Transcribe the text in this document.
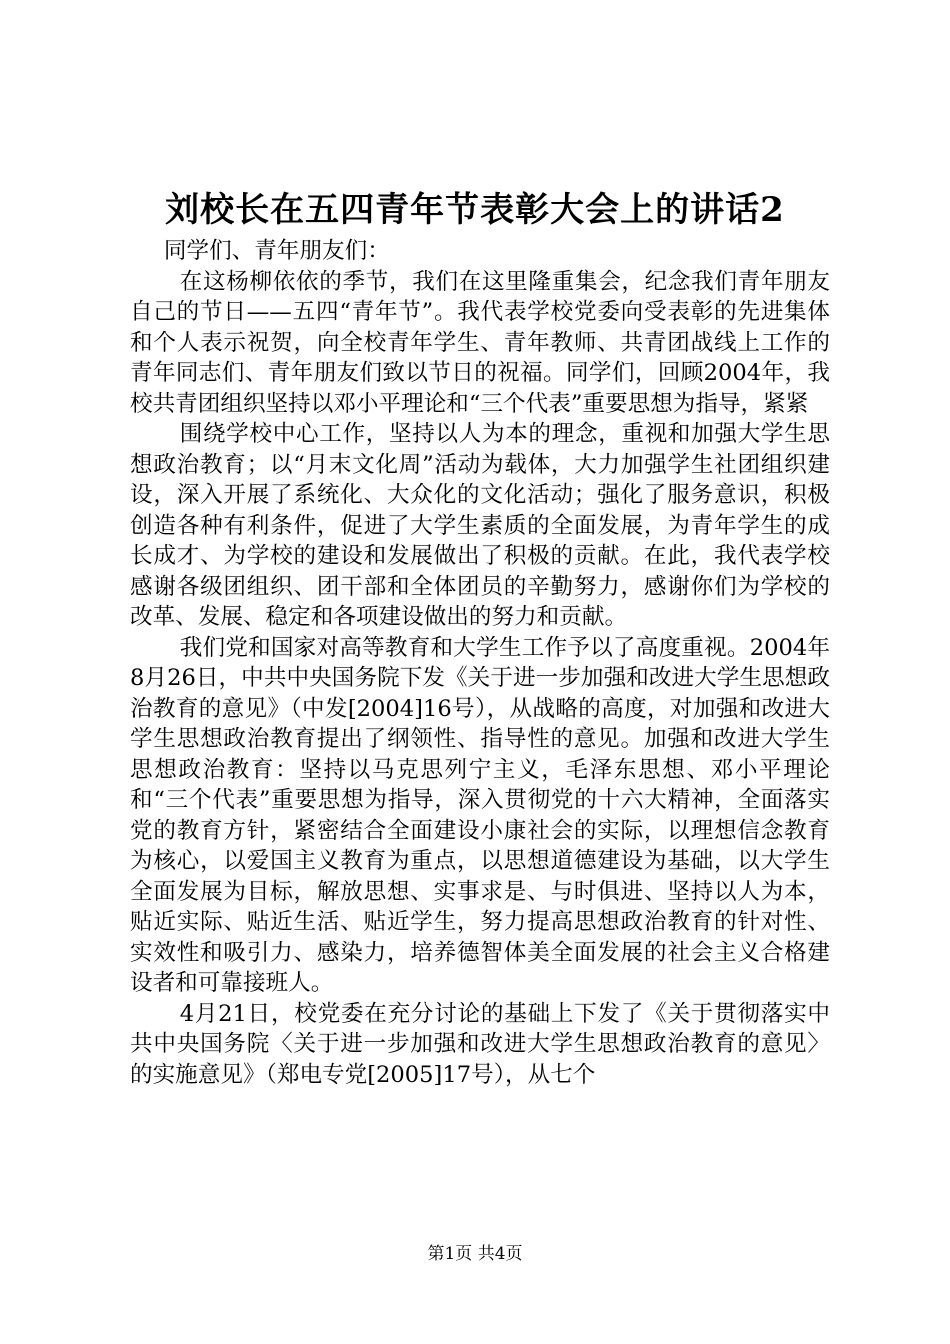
刘校长在五四青年节表彰大会上的讲话2

同学们、青年朋友们：

在这杨柳依依的季节，我们在这里隆重集会，纪念我们青年朋友自己的节日——五四“青年节”。我代表学校党委向受表彰的先进集体和个人表示祝贺，向全校青年学生、青年教师、共青团战线上工作的青年同志们、青年朋友们致以节日的祝福。同学们，回顾2004年，我校共青团组织坚持以邓小平理论和“三个代表”重要思想为指导，紧紧

围绕学校中心工作，坚持以人为本的理念，重视和加强大学生思想政治教育；以“月末文化周”活动为载体，大力加强学生社团组织建设，深入开展了系统化、大众化的文化活动；强化了服务意识，积极创造各种有利条件，促进了大学生素质的全面发展，为青年学生的成长成才、为学校的建设和发展做出了积极的贡献。在此，我代表学校感谢各级团组织、团干部和全体团员的辛勤努力，感谢你们为学校的改革、发展、稳定和各项建设做出的努力和贡献。

我们党和国家对高等教育和大学生工作予以了高度重视。2004年8月26日，中共中央国务院下发《关于进一步加强和改进大学生思想政治教育的意见》（中发[2004]16号），从战略的高度，对加强和改进大学生思想政治教育提出了纲领性、指导性的意见。加强和改进大学生思想政治教育：坚持以马克思列宁主义，毛泽东思想、邓小平理论和“三个代表”重要思想为指导，深入贯彻党的十六大精神，全面落实党的教育方针，紧密结合全面建设小康社会的实际，以理想信念教育为核心，以爱国主义教育为重点，以思想道德建设为基础，以大学生全面发展为目标，解放思想、实事求是、与时俱进、坚持以人为本，贴近实际、贴近生活、贴近学生，努力提高思想政治教育的针对性、实效性和吸引力、感染力，培养德智体美全面发展的社会主义合格建设者和可靠接班人。

4月21日，校党委在充分讨论的基础上下发了《关于贯彻落实中共中央国务院〈关于进一步加强和改进大学生思想政治教育的意见〉的实施意见》（郑电专党[2005]17号），从七个

第1页 共4页
